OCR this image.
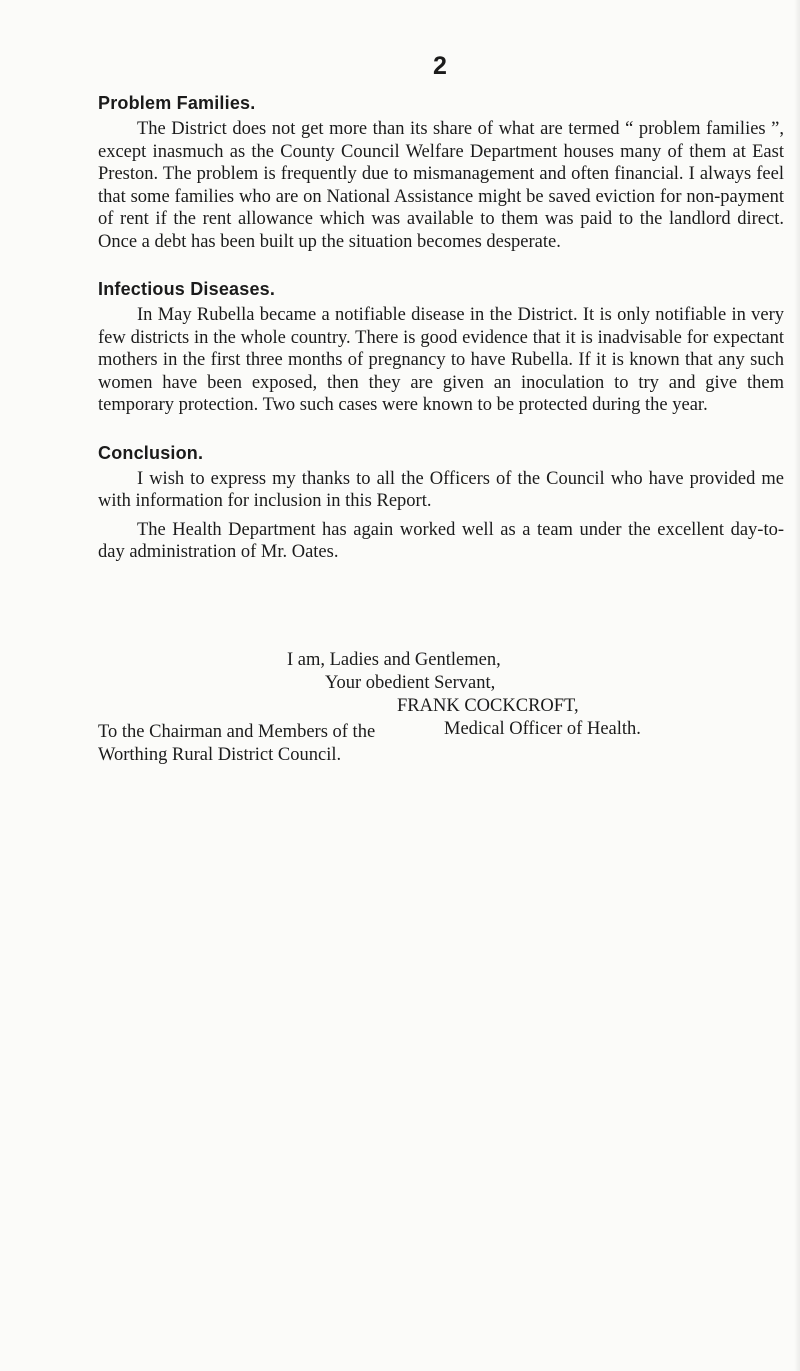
2
Problem Families.

The District does not get more than its share of what are termed “ problem families ”, except inasmuch as the County Council Welfare Department houses many of them at East Preston. The problem is frequently due to mismanagement and often financial. I always feel that some families who are on National Assistance might be saved eviction for non-payment of rent if the rent allowance which was available to them was paid to the landlord direct. Once a debt has been built up the situation becomes desperate.

Infectious Diseases.

In May Rubella became a notifiable disease in the District. It is only notifiable in very few districts in the whole country. There is good evidence that it is inadvisable for expectant mothers in the first three months of pregnancy to have Rubella. If it is known that any such women have been exposed, then they are given an inoculation to try and give them temporary protection. Two such cases were known to be protected during the year.

Conclusion.

I wish to express my thanks to all the Officers of the Council who have provided me with information for inclusion in this Report.

The Health Department has again worked well as a team under the excellent day-to-day administration of Mr. Oates.

I am, Ladies and Gentlemen,
Your obedient Servant,
FRANK COCKCROFT,
Medical Officer of Health.
To the Chairman and Members of the
Worthing Rural District Council.
